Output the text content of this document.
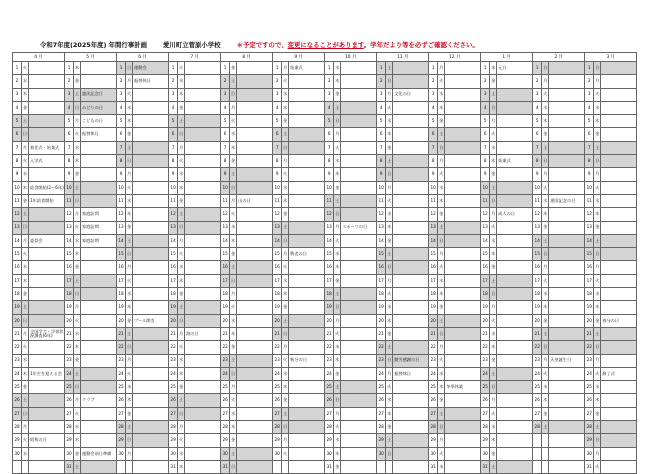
令和7年度(2025年度) 年間行事計画	愛川町立菅原小学校	＊予定ですので、変更になることがあります。学年だより等を必ずご確認ください。
4 月			5 月			6 月			7 月			8 月			9 月			10 月			11 月			12 月			1 月			2 月			3 月		
1	火		1	木		1	日	運動会	1	火		1	金		1	月	始業式	1	水		1	土		1	月		1	木	元日	1	日		1	日	
2	水		2	金		2	月	振替休日	2	水		2	土		2	火		2	木		2	日		2	火		2	金		2	月		2	月	
3	木		3	土	憲法記念日	3	火		3	木		3	日		3	水		3	金		3	月	文化の日	3	水		3	土		3	火		3	火	
4	金		4	日	みどりの日	4	水		4	金		4	月		4	木		4	土		4	火		4	木		4	日		4	水		4	水	
5	土		5	月	こどもの日	5	木		5	土		5	火		5	金		5	日		5	水		5	金		5	月		5	木		5	木	
6	日		6	火	振替休日	6	金		6	日		6	水		6	土		6	月		6	木		6	土		6	火		6	金		6	金	
7	月	着任式・始業式	7	水		7	土		7	月		7	木		7	日		7	火		7	金		7	日		7	水		7	土		7	土	
8	火	入学式	8	木		8	日		8	火		8	金		8	月		8	水		8	土		8	月		8	木	始業式	8	日		8	日	
9	水		9	金		9	月		9	水		9	土		9	火		9	木		9	日		9	火		9	金		9	月		9	月	
10	木	給食開始(2〜6年)	10	土		10	火		10	木		10	日		10	水		10	金		10	月		10	水		10	土		10	火		10	火	
11	金	1年給食開始	11	日		11	水		11	金		11	月	山の日	11	木		11	土		11	火		11	木		11	日		11	水	建国記念の日	11	水	
12	土		12	月	家庭訪問	12	木		12	土		12	火		12	金		12	日		12	水		12	金		12	月	成人の日	12	木		12	木	
13	日		13	火	家庭訪問	13	金		13	日		13	水		13	土		13	月	スポーツの日	13	木		13	土		13	火		13	金		13	金	
14	月	委員会	14	水	家庭訪問	14	土		14	月		14	木		14	日		14	火		14	金		14	日		14	水		14	土		14	土	
15	火		15	木		15	日		15	火		15	金		15	月	敬老の日	15	水		15	土		15	月		15	木		15	日		15	日	
16	水		16	金		16	月		16	水		16	土		16	火		16	木		16	日		16	火		16	金		16	月		16	月	
17	木		17	土		17	火		17	木		17	日		17	水		17	金		17	月		17	水		17	土		17	火		17	火	
18	金		18	日		18	水		18	金		18	月		18	木		18	土		18	火		18	木		18	日		18	水		18	水	
19	土		19	月		19	木		19	土		19	火		19	金		19	日		19	水		19	金		19	月		19	木		19	木	
20	日		20	火		20	金	プール開き	20	日		20	水		20	土		20	月		20	木		20	土		20	火		20	金		20	金	春分の日
21	月	全国学力・学習状況調査(6年)	21	水		21	土		21	月	海の日	21	木		21	日		21	火		21	金		21	日		21	水		21	土		21	土	
22	火		22	木		22	日		22	火		22	金		22	月		22	水		22	土		22	月		22	木		22	日		22	日	
23	水		23	金		23	月		23	水		23	土		23	火	秋分の日	23	木		23	日	勤労感謝の日	23	火		23	金		23	月	天皇誕生日	23	月	
24	木	1年生を迎える会	24	土		24	火		24	木		24	日		24	水		24	金		24	月	振替休日	24	水		24	土		24	火		24	火	修了式
25	金		25	日		25	水		25	金		25	月		25	木		25	土		25	火		25	木	冬季休業	25	日		25	水		25	水	
26	土		26	月	クラブ	26	木		26	土		26	火		26	金		26	日		26	水		26	金		26	月		26	木		26	木	
27	日		27	火		27	金		27	日		27	水		27	土		27	月		27	木		27	土		27	火		27	金		27	金	
28	月		28	水		28	土		28	月		28	木		28	日		28	火		28	金		28	日		28	水		28	土		28	土	
29	火	昭和の日	29	木		29	日		29	火		29	金		29	月		29	水		29	土		29	月		29	木					29	日	
30	水		30	金	運動会前日準備	30	月		30	水		30	土		30	火		30	木		30	日		30	火		30	金					30	月	
			31	土					31	木		31	日					31	金					31	水		31	土					31	火	
